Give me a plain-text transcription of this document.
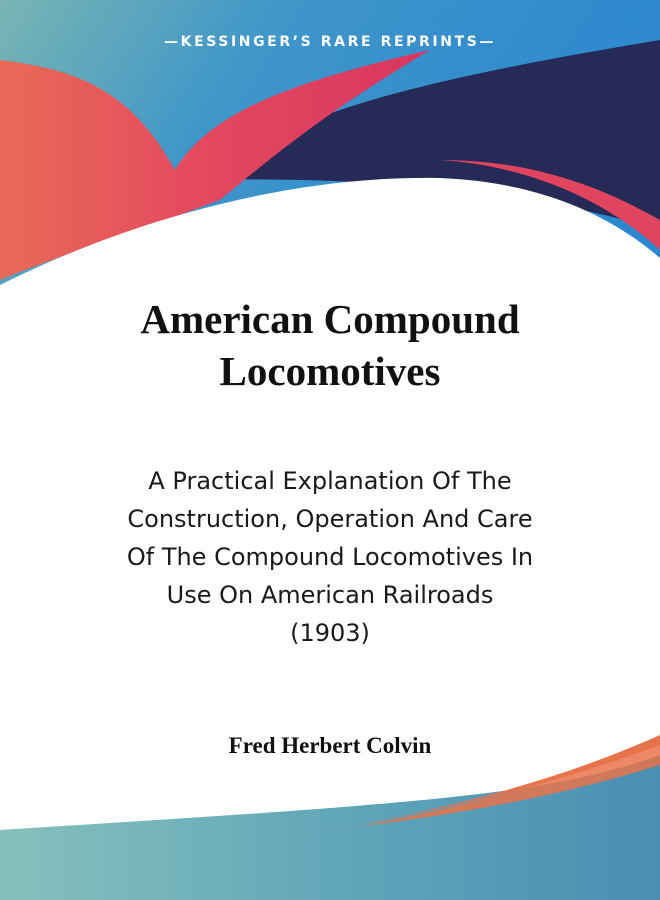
—KESSINGER’S RARE REPRINTS—
American Compound
Locomotives
A Practical Explanation Of The
Construction, Operation And Care
Of The Compound Locomotives In
Use On American Railroads
(1903)
Fred Herbert Colvin
